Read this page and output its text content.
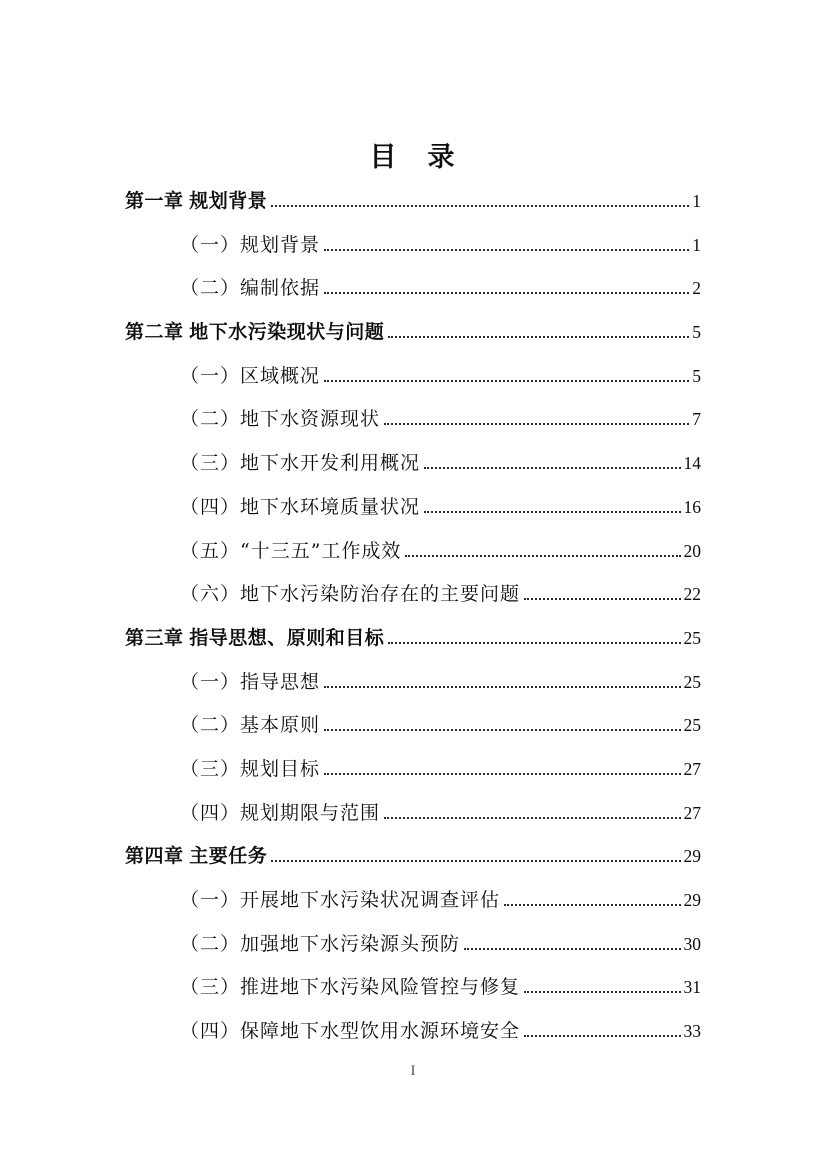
目　录
第一章 规划背景	1
（一）规划背景	1
（二）编制依据	2
第二章 地下水污染现状与问题	5
（一）区域概况	5
（二）地下水资源现状	7
（三）地下水开发利用概况	14
（四）地下水环境质量状况	16
（五）“十三五”工作成效	20
（六）地下水污染防治存在的主要问题	22
第三章 指导思想、原则和目标	25
（一）指导思想	25
（二）基本原则	25
（三）规划目标	27
（四）规划期限与范围	27
第四章 主要任务	29
（一）开展地下水污染状况调查评估	29
（二）加强地下水污染源头预防	30
（三）推进地下水污染风险管控与修复	31
（四）保障地下水型饮用水源环境安全	33
I
